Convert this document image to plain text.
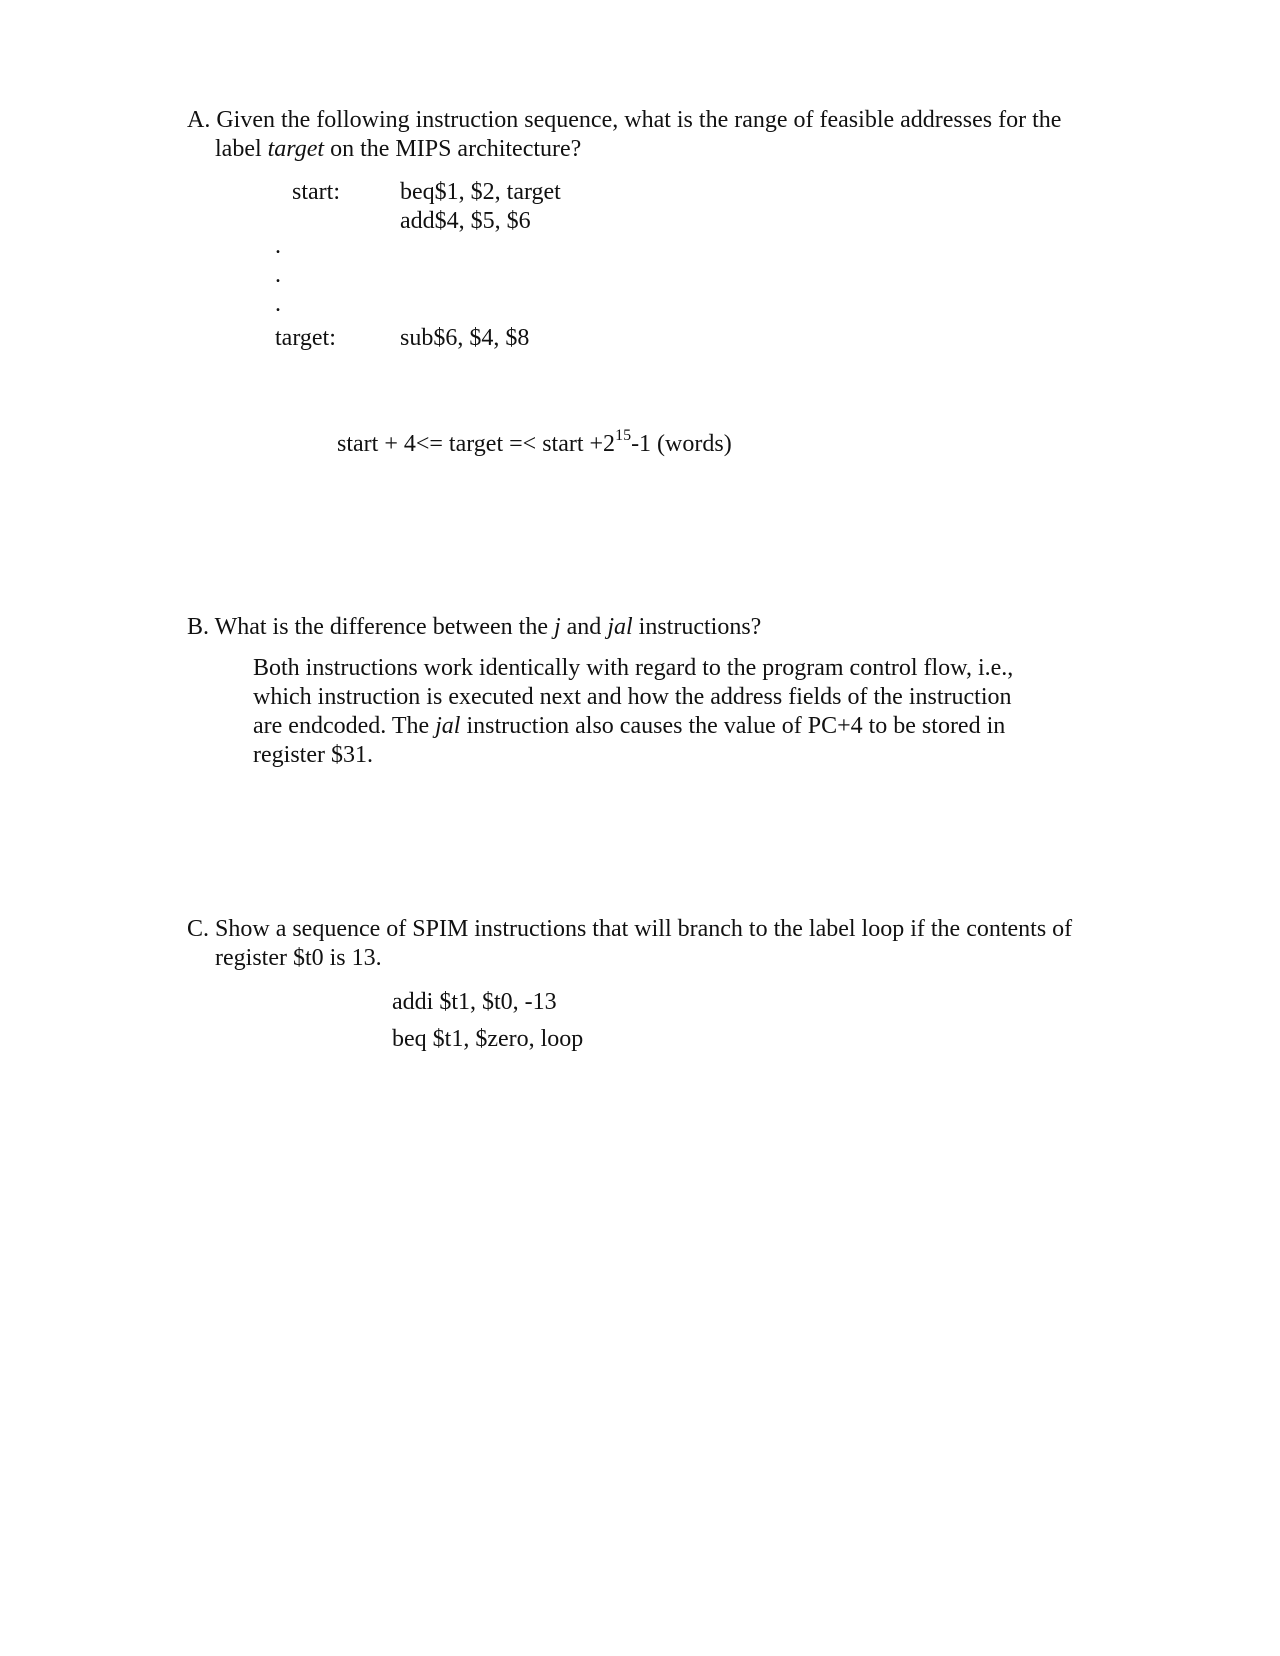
A. Given the following instruction sequence, what is the range of feasible addresses for the
label target on the MIPS architecture?
start:	beq$1, $2, target
add$4, $5, $6
.
.
.
target:	sub$6, $4, $8
start + 4<= target =< start $+2^{15}-1$ (words)
B. What is the difference between the j and jal instructions?
Both instructions work identically with regard to the program control flow, i.e.,
which instruction is executed next and how the address fields of the instruction
are endcoded. The jal instruction also causes the value of PC+4 to be stored in
register $31.
C. Show a sequence of SPIM instructions that will branch to the label loop if the contents of
register $t0 is 13.
addi $t1, $t0, -13
beq $t1, $zero, loop
